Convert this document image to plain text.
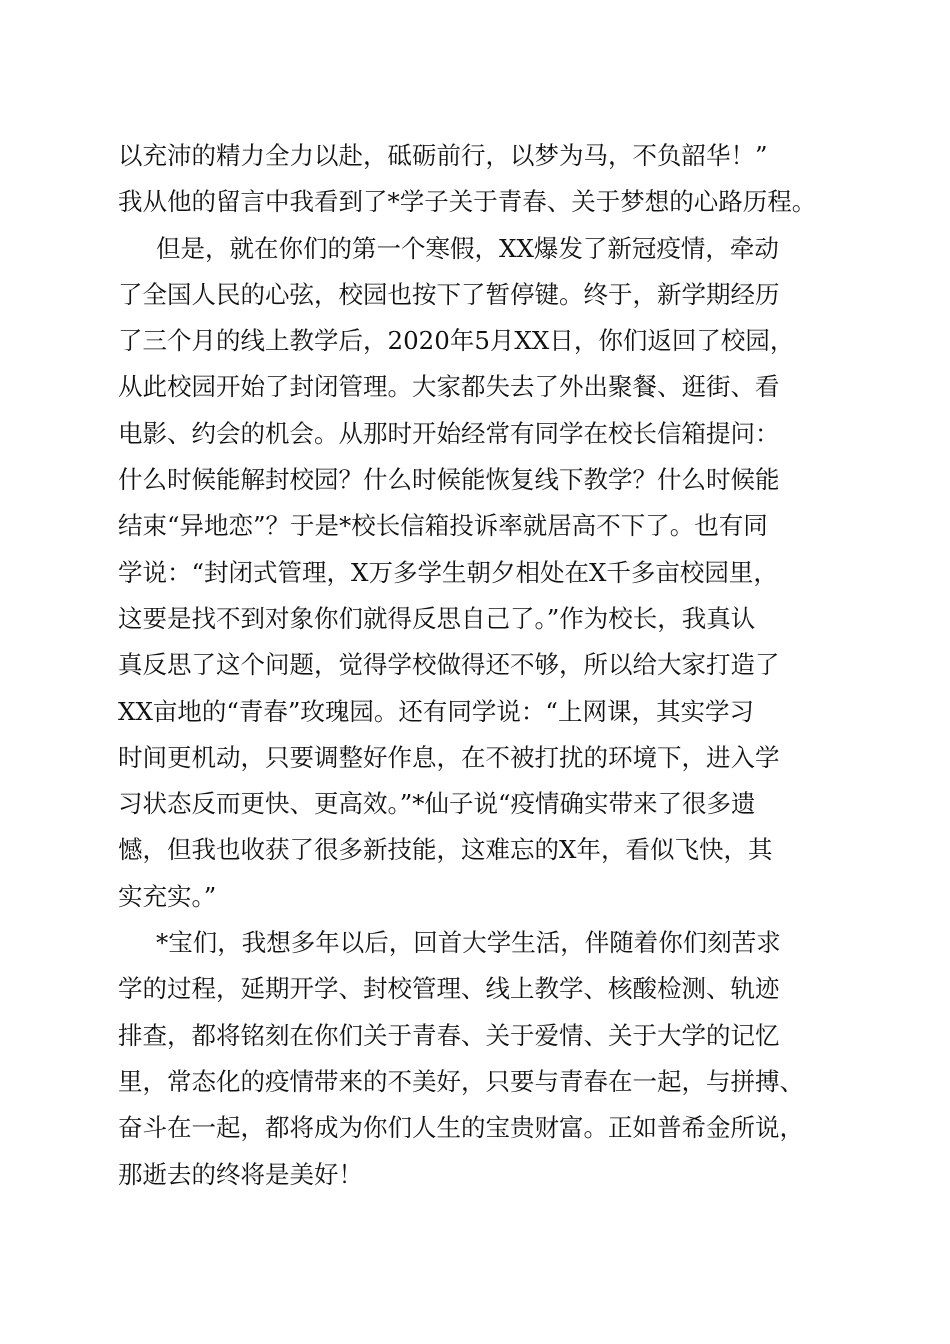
以充沛的精力全力以赴，砥砺前行，以梦为马，不负韶华！”
我从他的留言中我看到了*学子关于青春、关于梦想的心路历程。
但是，就在你们的第一个寒假，XX爆发了新冠疫情，牵动
了全国人民的心弦，校园也按下了暂停键。终于，新学期经历
了三个月的线上教学后，2020年5月XX日，你们返回了校园，
从此校园开始了封闭管理。大家都失去了外出聚餐、逛街、看
电影、约会的机会。从那时开始经常有同学在校长信箱提问：
什么时候能解封校园？什么时候能恢复线下教学？什么时候能
结束“异地恋”？于是*校长信箱投诉率就居高不下了。也有同
学说：“封闭式管理，X万多学生朝夕相处在X千多亩校园里，
这要是找不到对象你们就得反思自己了。”作为校长，我真认
真反思了这个问题，觉得学校做得还不够，所以给大家打造了
XX亩地的“青春”玫瑰园。还有同学说：“上网课，其实学习
时间更机动，只要调整好作息，在不被打扰的环境下，进入学
习状态反而更快、更高效。”*仙子说“疫情确实带来了很多遗
憾，但我也收获了很多新技能，这难忘的X年，看似飞快，其
实充实。”
*宝们，我想多年以后，回首大学生活，伴随着你们刻苦求
学的过程，延期开学、封校管理、线上教学、核酸检测、轨迹
排查，都将铭刻在你们关于青春、关于爱情、关于大学的记忆
里，常态化的疫情带来的不美好，只要与青春在一起，与拼搏、
奋斗在一起，都将成为你们人生的宝贵财富。正如普希金所说，
那逝去的终将是美好！
